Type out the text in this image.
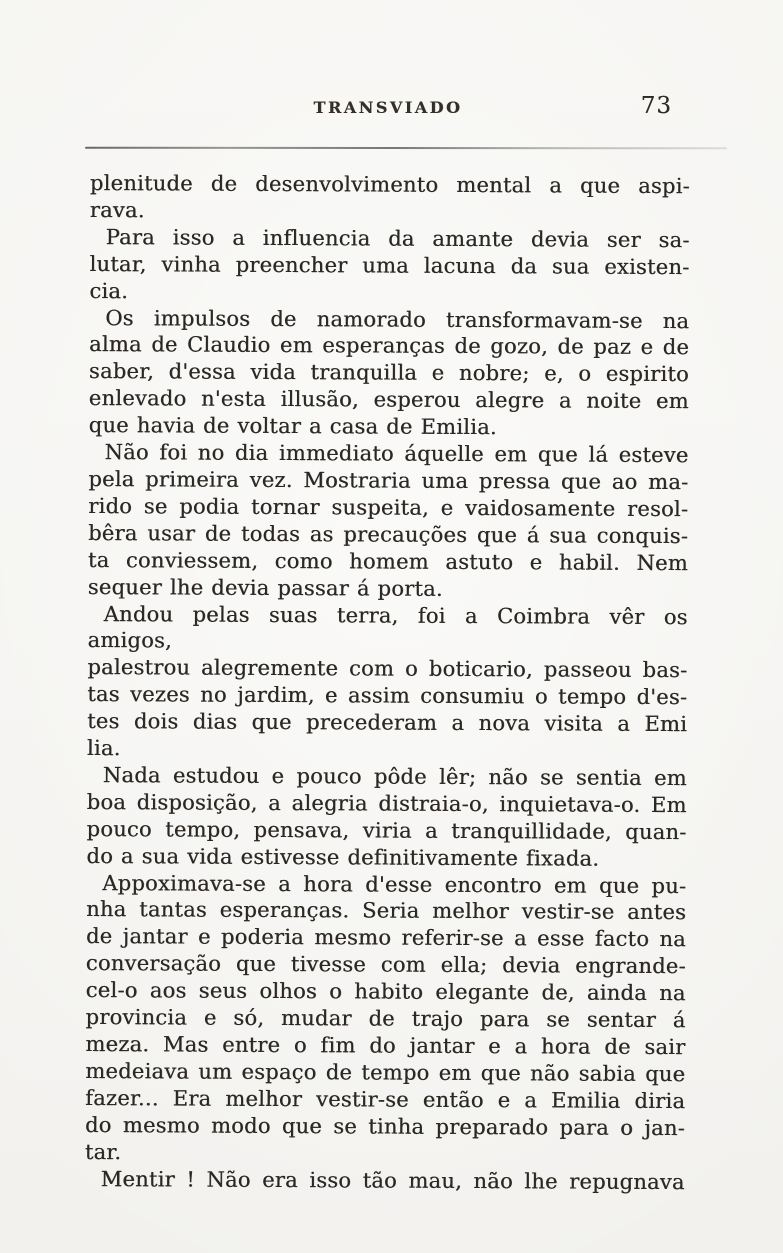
TRANSVIADO	73
plenitude de desenvolvimento mental a que aspi-
rava.
Para isso a influencia da amante devia ser sa-
lutar, vinha preencher uma lacuna da sua existen-
cia.
Os impulsos de namorado transformavam-se na
alma de Claudio em esperanças de gozo, de paz e de
saber, d'essa vida tranquilla e nobre; e, o espirito
enlevado n'esta illusão, esperou alegre a noite em
que havia de voltar a casa de Emilia.
Não foi no dia immediato áquelle em que lá esteve
pela primeira vez. Mostraria uma pressa que ao ma-
rido se podia tornar suspeita, e vaidosamente resol-
bêra usar de todas as precauções que á sua conquis-
ta conviessem, como homem astuto e habil. Nem
sequer lhe devia passar á porta.
Andou pelas suas terra, foi a Coimbra vêr os amigos,
palestrou alegremente com o boticario, passeou bas-
tas vezes no jardim, e assim consumiu o tempo d'es-
tes dois dias que precederam a nova visita a Emi
lia.
Nada estudou e pouco pôde lêr; não se sentia em
boa disposição, a alegria distraia-o, inquietava-o. Em
pouco tempo, pensava, viria a tranquillidade, quan-
do a sua vida estivesse definitivamente fixada.
Appoximava-se a hora d'esse encontro em que pu-
nha tantas esperanças. Seria melhor vestir-se antes
de jantar e poderia mesmo referir-se a esse facto na
conversação que tivesse com ella; devia engrande-
cel-o aos seus olhos o habito elegante de, ainda na
provincia e só, mudar de trajo para se sentar á
meza. Mas entre o fim do jantar e a hora de sair
medeiava um espaço de tempo em que não sabia que
fazer... Era melhor vestir-se então e a Emilia diria
do mesmo modo que se tinha preparado para o jan-
tar.
Mentir ! Não era isso tão mau, não lhe repugnava
